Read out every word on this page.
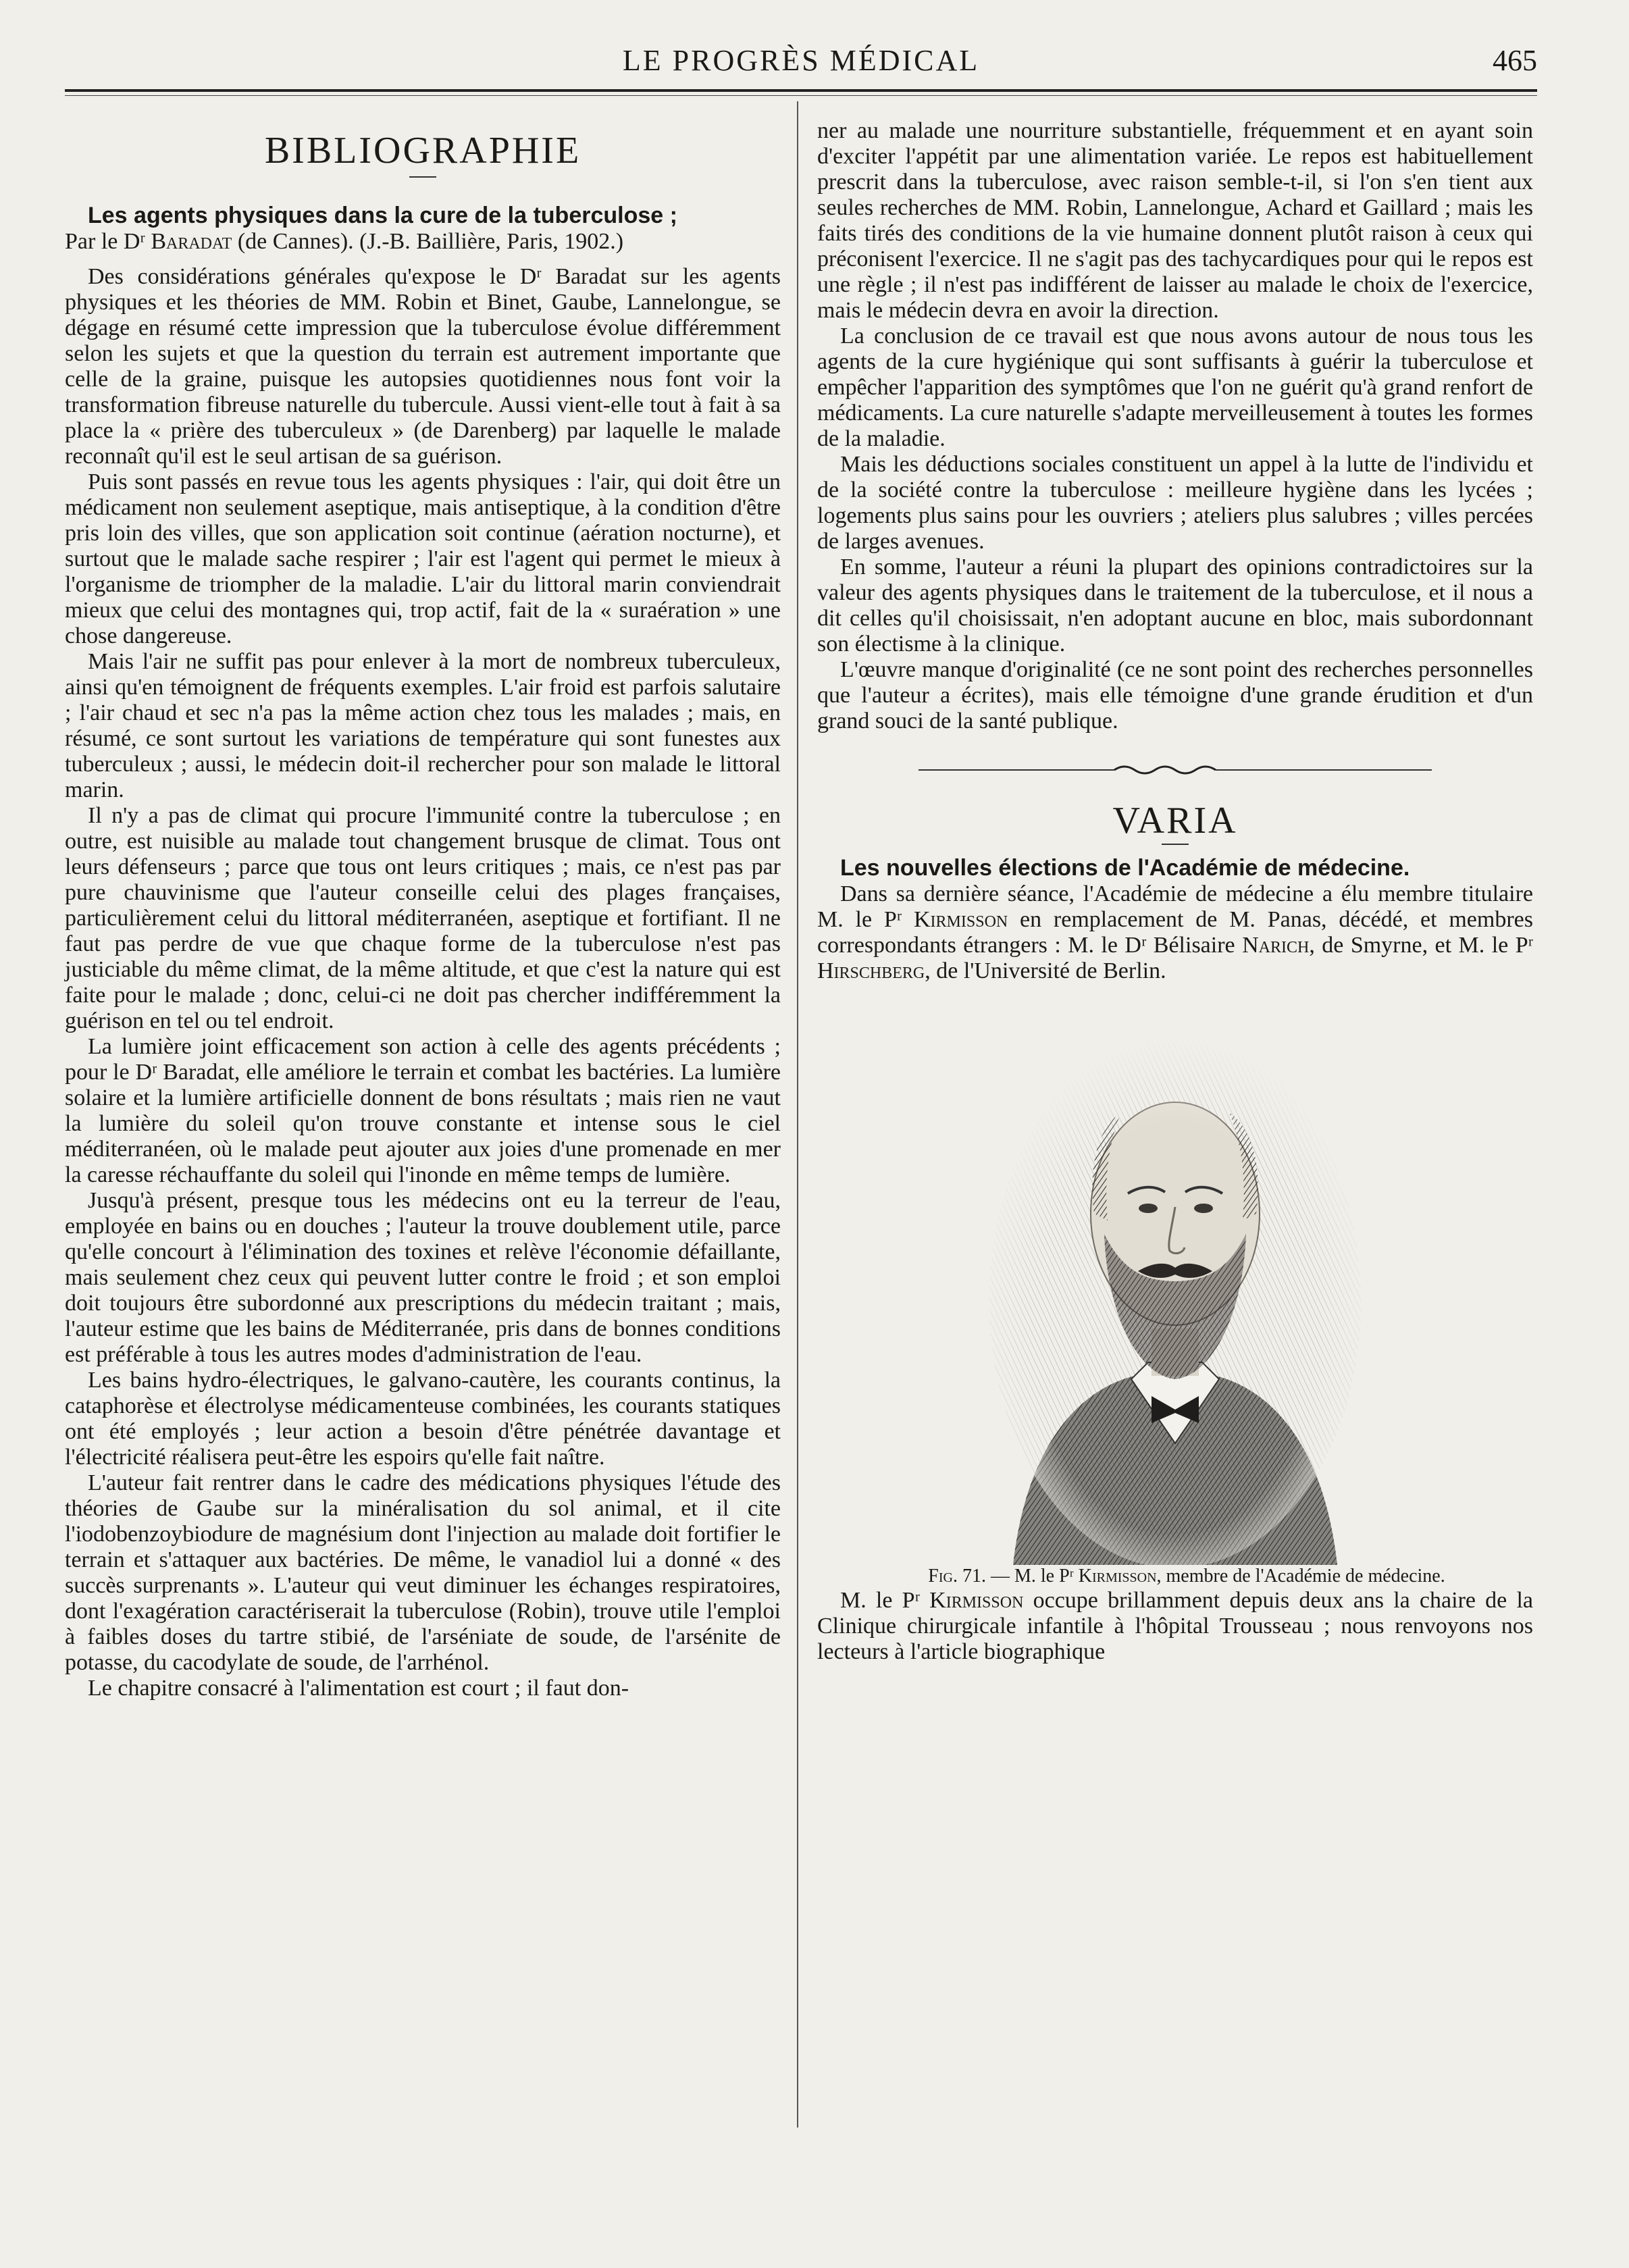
LE PROGRÈS MÉDICAL	465
BIBLIOGRAPHIE

Les agents physiques dans la cure de la tuberculose ;

Par le Dʳ Baradat (de Cannes). (J.-B. Baillière, Paris, 1902.)

Des considérations générales qu'expose le Dʳ Baradat sur les agents physiques et les théories de MM. Robin et Binet, Gaube, Lannelongue, se dégage en résumé cette impression que la tuberculose évolue différemment selon les sujets et que la question du terrain est autrement importante que celle de la graine, puisque les autopsies quotidiennes nous font voir la transformation fibreuse naturelle du tubercule. Aussi vient-elle tout à fait à sa place la « prière des tuberculeux » (de Darenberg) par laquelle le malade reconnaît qu'il est le seul artisan de sa guérison.

Puis sont passés en revue tous les agents physiques : l'air, qui doit être un médicament non seulement aseptique, mais antiseptique, à la condition d'être pris loin des villes, que son application soit continue (aération nocturne), et surtout que le malade sache respirer ; l'air est l'agent qui permet le mieux à l'organisme de triompher de la maladie. L'air du littoral marin conviendrait mieux que celui des montagnes qui, trop actif, fait de la « suraération » une chose dangereuse.

Mais l'air ne suffit pas pour enlever à la mort de nombreux tuberculeux, ainsi qu'en témoignent de fréquents exemples. L'air froid est parfois salutaire ; l'air chaud et sec n'a pas la même action chez tous les malades ; mais, en résumé, ce sont surtout les variations de température qui sont funestes aux tuberculeux ; aussi, le médecin doit-il rechercher pour son malade le littoral marin.

Il n'y a pas de climat qui procure l'immunité contre la tuberculose ; en outre, est nuisible au malade tout changement brusque de climat. Tous ont leurs défenseurs ; parce que tous ont leurs critiques ; mais, ce n'est pas par pure chauvinisme que l'auteur conseille celui des plages françaises, particulièrement celui du littoral méditerranéen, aseptique et fortifiant. Il ne faut pas perdre de vue que chaque forme de la tuberculose n'est pas justiciable du même climat, de la même altitude, et que c'est la nature qui est faite pour le malade ; donc, celui-ci ne doit pas chercher indifféremment la guérison en tel ou tel endroit.

La lumière joint efficacement son action à celle des agents précédents ; pour le Dʳ Baradat, elle améliore le terrain et combat les bactéries. La lumière solaire et la lumière artificielle donnent de bons résultats ; mais rien ne vaut la lumière du soleil qu'on trouve constante et intense sous le ciel méditerranéen, où le malade peut ajouter aux joies d'une promenade en mer la caresse réchauffante du soleil qui l'inonde en même temps de lumière.

Jusqu'à présent, presque tous les médecins ont eu la terreur de l'eau, employée en bains ou en douches ; l'auteur la trouve doublement utile, parce qu'elle concourt à l'élimination des toxines et relève l'économie défaillante, mais seulement chez ceux qui peuvent lutter contre le froid ; et son emploi doit toujours être subordonné aux prescriptions du médecin traitant ; mais, l'auteur estime que les bains de Méditerranée, pris dans de bonnes conditions est préférable à tous les autres modes d'administration de l'eau.

Les bains hydro-électriques, le galvano-cautère, les courants continus, la cataphorèse et électrolyse médicamenteuse combinées, les courants statiques ont été employés ; leur action a besoin d'être pénétrée davantage et l'électricité réalisera peut-être les espoirs qu'elle fait naître.

L'auteur fait rentrer dans le cadre des médications physiques l'étude des théories de Gaube sur la minéralisation du sol animal, et il cite l'iodobenzoybiodure de magnésium dont l'injection au malade doit fortifier le terrain et s'attaquer aux bactéries. De même, le vanadiol lui a donné « des succès surprenants ». L'auteur qui veut diminuer les échanges respiratoires, dont l'exagération caractériserait la tuberculose (Robin), trouve utile l'emploi à faibles doses du tartre stibié, de l'arséniate de soude, de l'arsénite de potasse, du cacodylate de soude, de l'arrhénol.

Le chapitre consacré à l'alimentation est court ; il faut don-

ner au malade une nourriture substantielle, fréquemment et en ayant soin d'exciter l'appétit par une alimentation variée. Le repos est habituellement prescrit dans la tuberculose, avec raison semble-t-il, si l'on s'en tient aux seules recherches de MM. Robin, Lannelongue, Achard et Gaillard ; mais les faits tirés des conditions de la vie humaine donnent plutôt raison à ceux qui préconisent l'exercice. Il ne s'agit pas des tachycardiques pour qui le repos est une règle ; il n'est pas indifférent de laisser au malade le choix de l'exercice, mais le médecin devra en avoir la direction.

La conclusion de ce travail est que nous avons autour de nous tous les agents de la cure hygiénique qui sont suffisants à guérir la tuberculose et empêcher l'apparition des symptômes que l'on ne guérit qu'à grand renfort de médicaments. La cure naturelle s'adapte merveilleusement à toutes les formes de la maladie.

Mais les déductions sociales constituent un appel à la lutte de l'individu et de la société contre la tuberculose : meilleure hygiène dans les lycées ; logements plus sains pour les ouvriers ; ateliers plus salubres ; villes percées de larges avenues.

En somme, l'auteur a réuni la plupart des opinions contradictoires sur la valeur des agents physiques dans le traitement de la tuberculose, et il nous a dit celles qu'il choisissait, n'en adoptant aucune en bloc, mais subordonnant son électisme à la clinique.

L'œuvre manque d'originalité (ce ne sont point des recherches personnelles que l'auteur a écrites), mais elle témoigne d'une grande érudition et d'un grand souci de la santé publique.

VARIA

Les nouvelles élections de l'Académie de médecine.

Dans sa dernière séance, l'Académie de médecine a élu membre titulaire M. le Pʳ Kirmisson en remplacement de M. Panas, décédé, et membres correspondants étrangers : M. le Dʳ Bélisaire Narich, de Smyrne, et M. le Pʳ Hirschberg, de l'Université de Berlin.

Fig. 71. — M. le Pʳ Kirmisson, membre de l'Académie de médecine.

M. le Pʳ Kirmisson occupe brillamment depuis deux ans la chaire de la Clinique chirurgicale infantile à l'hôpital Trousseau ; nous renvoyons nos lecteurs à l'article biographique
